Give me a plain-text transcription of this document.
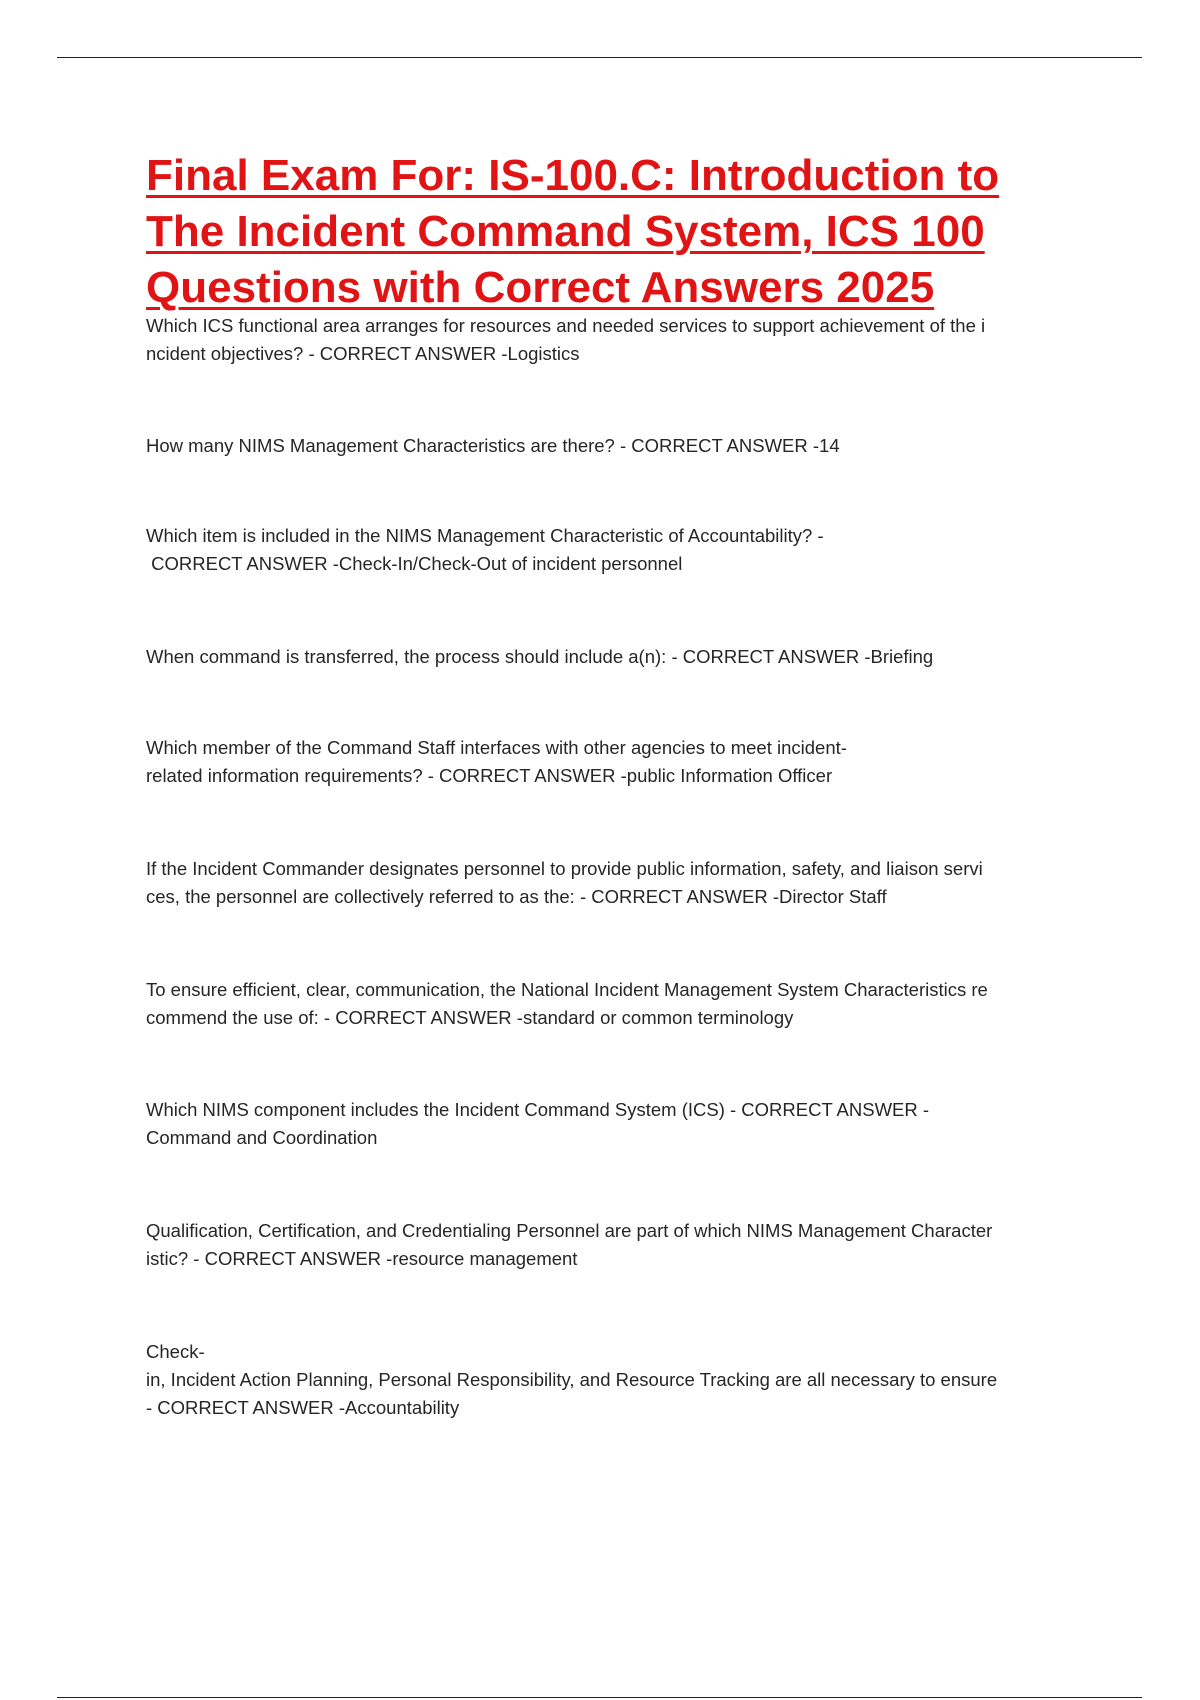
Final Exam For: IS-100.C: Introduction to
The Incident Command System, ICS 100
Questions with Correct Answers 2025

Which ICS functional area arranges for resources and needed services to support achievement of the i
ncident objectives? - CORRECT ANSWER -Logistics

How many NIMS Management Characteristics are there? - CORRECT ANSWER -14

Which item is included in the NIMS Management Characteristic of Accountability? -
CORRECT ANSWER -Check-In/Check-Out of incident personnel

When command is transferred, the process should include a(n): - CORRECT ANSWER -Briefing

Which member of the Command Staff interfaces with other agencies to meet incident-
related information requirements? - CORRECT ANSWER -public Information Officer

If the Incident Commander designates personnel to provide public information, safety, and liaison servi
ces, the personnel are collectively referred to as the: - CORRECT ANSWER -Director Staff

To ensure efficient, clear, communication, the National Incident Management System Characteristics re
commend the use of: - CORRECT ANSWER -standard or common terminology

Which NIMS component includes the Incident Command System (ICS) - CORRECT ANSWER -
Command and Coordination

Qualification, Certification, and Credentialing Personnel are part of which NIMS Management Character
istic? - CORRECT ANSWER -resource management

Check-
in, Incident Action Planning, Personal Responsibility, and Resource Tracking are all necessary to ensure
- CORRECT ANSWER -Accountability
